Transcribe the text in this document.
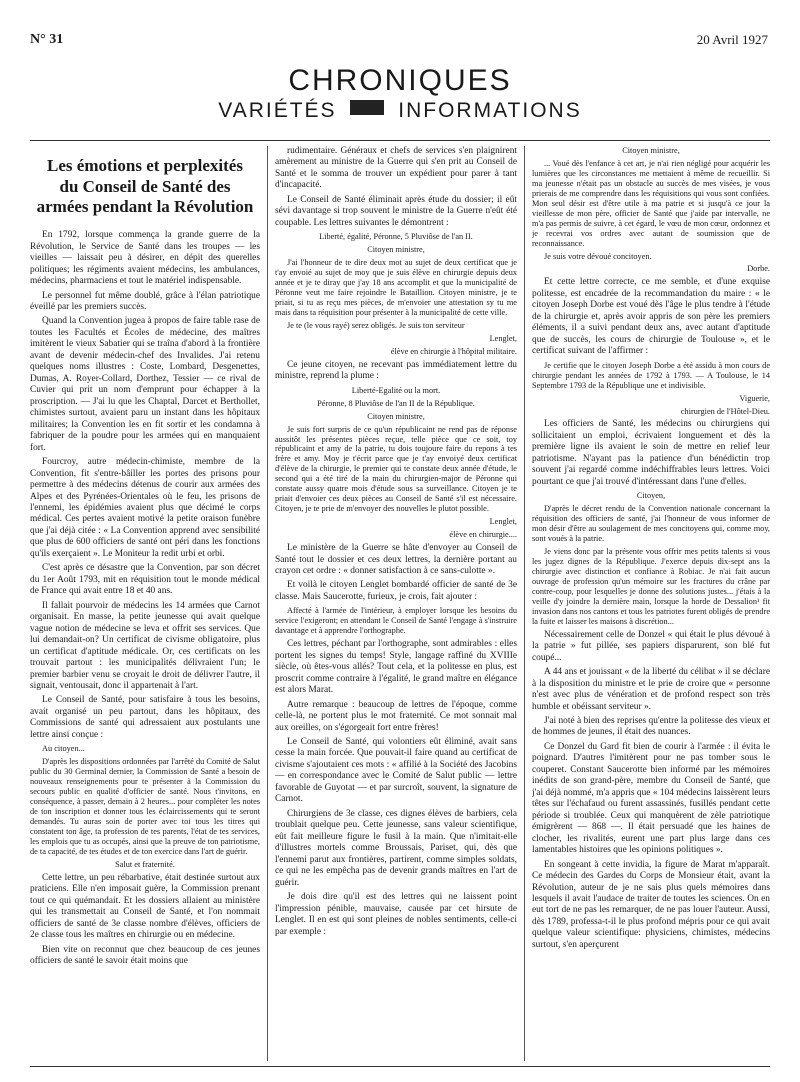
N° 31	20 Avril 1927
CHRONIQUES
VARIÉTÉS	INFORMATIONS
Les émotions et perplexités du Conseil de Santé des armées pendant la Révolution

En 1792, lorsque commença la grande guerre de la Révolution, le Service de Santé dans les troupes — les vieilles — laissait peu à désirer, en dépit des querelles politiques; les régiments avaient médecins, les ambulances, médecins, pharmaciens et tout le matériel indispensable.

Le personnel fut même doublé, grâce à l'élan patriotique éveillé par les premiers succès.

Quand la Convention jugea à propos de faire table rase de toutes les Facultés et Écoles de médecine, des maîtres imitèrent le vieux Sabatier qui se traîna d'abord à la frontière avant de devenir médecin-chef des Invalides. J'ai retenu quelques noms illustres : Coste, Lombard, Desgenettes, Dumas, A. Royer-Collard, Dorthez, Tessier — ce rival de Cuvier qui prit un nom d'emprunt pour échapper à la proscription. — J'ai lu que les Chaptal, Darcet et Berthollet, chimistes surtout, avaient paru un instant dans les hôpitaux militaires; la Convention les en fit sortir et les condamna à fabriquer de la poudre pour les armées qui en manquaient fort.

Fourcroy, autre médecin-chimiste, membre de la Convention, fit s'entre-bâiller les portes des prisons pour permettre à des médecins détenus de courir aux armées des Alpes et des Pyrénées-Orientales où le feu, les prisons de l'ennemi, les épidémies avaient plus que décimé le corps médical. Ces pertes avaient motivé la petite oraison funèbre que j'ai déjà citée : « La Convention apprend avec sensibilité que plus de 600 officiers de santé ont péri dans les fonctions qu'ils exerçaient ». Le Moniteur la redit urbi et orbi.

C'est après ce désastre que la Convention, par son décret du 1er Août 1793, mit en réquisition tout le monde médical de France qui avait entre 18 et 40 ans.

Il fallait pourvoir de médecins les 14 armées que Carnot organisait. En masse, la petite jeunesse qui avait quelque vague notion de médecine se leva et offrit ses services. Que lui demandait-on? Un certificat de civisme obligatoire, plus un certificat d'aptitude médicale. Or, ces certificats on les trouvait partout : les municipalités délivraient l'un; le premier barbier venu se croyait le droit de délivrer l'autre, il signait, ventousait, donc il appartenait à l'art.

Le Conseil de Santé, pour satisfaire à tous les besoins, avait organisé un peu partout, dans les hôpitaux, des Commissions de santé qui adressaient aux postulants une lettre ainsi conçue :

Au citoyen...

D'après les dispositions ordonnées par l'arrêté du Comité de Salut public du 30 Germinal dernier, la Commission de Santé a besoin de nouveaux renseignements pour te présenter à la Commission du secours public en qualité d'officier de santé. Nous t'invitons, en conséquence, à passer, demain à 2 heures... pour compléter les notes de ton inscription et donner tous les éclaircissements qui te seront demandés. Tu auras soin de porter avec toi tous les titres qui constatent ton âge, ta profession de tes parents, l'état de tes services, les emplois que tu as occupés, ainsi que la preuve de ton patriotisme, de ta capacité, de tes études et de ton exercice dans l'art de guérir.

Salut et fraternité.

Cette lettre, un peu rébarbative, était destinée surtout aux praticiens. Elle n'en imposait guère, la Commission prenant tout ce qui quémandait. Et les dossiers allaient au ministère qui les transmettait au Conseil de Santé, et l'on nommait officiers de santé de 3e classe nombre d'élèves, officiers de 2e classe tous les maîtres en chirurgie ou en médecine.

Bien vite on reconnut que chez beaucoup de ces jeunes officiers de santé le savoir était moins que

rudimentaire. Généraux et chefs de services s'en plaignirent amèrement au ministre de la Guerre qui s'en prit au Conseil de Santé et le somma de trouver un expédient pour parer à tant d'incapacité.

Le Conseil de Santé éliminait après étude du dossier; il eût sévi davantage si trop souvent le ministre de la Guerre n'eût été coupable. Les lettres suivantes le démontrent :

Liberté, égalité, Péronne, 5 Pluviôse de l'an II.

Citoyen ministre,

J'ai l'honneur de te dire deux mot au sujet de deux certificat que je t'ay envoié au sujet de moy que je suis élève en chirurgie depuis deux année et je te diray que j'ay 18 ans accomplit et que la municipalité de Péronne veut me faire rejoindre le Bataillion. Citoyen ministre, je te priait, si tu as reçu mes pièces, de m'envoier une attestation sy tu me mais dans ta réquisition pour présenter à la municipalité de cette ville.

Je te (le vous rayé) serez obligés. Je suis ton serviteur

Lenglet,

élève en chirurgie à l'hôpital militaire.

Ce jeune citoyen, ne recevant pas immédiatement lettre du ministre, reprend la plume :

Liberté-Egalité ou la mort.

Péronne, 8 Pluviôse de l'an II de la République.

Citoyen ministre,

Je suis fort surpris de ce qu'un républicaint ne rend pas de réponse aussitôt les présentes pièces reçue, telle pièce que ce soit, toy républicaint et amy de la patrie, tu dois toujoure faire du repons à tes frère et amy. Moy je t'écrit parce que je t'ay envoiyé deux certificat d'élève de la chirurgie, le premier qui te constate deux année d'étude, le second qui a été tiré de la main du chirurgien-major de Péronne qui constate aussy quatre mois d'étude sous sa surveillance. Citoyen je te priait d'envoier ces deux pièces au Conseil de Santé s'il est nécessaire. Citoyen, je te prie de m'envoyer des nouvelles le plutot possible.

Lenglet,

élève en chirurgie....

Le ministère de la Guerre se hâte d'envoyer au Conseil de Santé tout le dossier et ces deux lettres, la dernière portant au crayon cet ordre : « donner satisfaction à ce sans-culotte ».

Et voilà le citoyen Lenglet bombardé officier de santé de 3e classe. Mais Saucerotte, furieux, je crois, fait ajouter :

Affecté à l'armée de l'intérieur, à employer lorsque les besoins du service l'exigeront; en attendant le Conseil de Santé l'engage à s'instruire davantage et à apprendre l'orthographe.

Ces lettres, péchant par l'orthographe, sont admirables : elles portent les signes du temps! Style, langage raffiné du XVIIIe siècle, où êtes-vous allés? Tout cela, et la politesse en plus, est proscrit comme contraire à l'égalité, le grand maître en élégance est alors Marat.

Autre remarque : beaucoup de lettres de l'époque, comme celle-là, ne portent plus le mot fraternité. Ce mot sonnait mal aux oreilles, on s'égorgeait fort entre frères!

Le Conseil de Santé, qui volontiers eût éliminé, avait sans cesse la main forcée. Que pouvait-il faire quand au certificat de civisme s'ajoutaient ces mots : « affilié à la Société des Jacobins — en correspondance avec le Comité de Salut public — lettre favorable de Guyotat — et par surcroît, souvent, la signature de Carnot.

Chirurgiens de 3e classe, ces dignes élèves de barbiers, cela troublait quelque peu. Cette jeunesse, sans valeur scientifique, eût fait meilleure figure le fusil à la main. Que n'imitait-elle d'illustres mortels comme Broussais, Pariset, qui, dès que l'ennemi parut aux frontières, partirent, comme simples soldats, ce qui ne les empêcha pas de devenir grands maîtres en l'art de guérir.

Je dois dire qu'il est des lettres qui ne laissent point l'impression pénible, mauvaise, causée par cet hirsute de Lenglet. Il en est qui sont pleines de nobles sentiments, celle-ci par exemple :

Citoyen ministre,

... Voué dès l'enfance à cet art, je n'ai rien négligé pour acquérir les lumières que les circonstances me mettaient à même de recueillir. Si ma jeunesse n'était pas un obstacle au succès de mes visées, je vous prierais de me comprendre dans les réquisitions qui vous sont confiées. Mon seul désir est d'être utile à ma patrie et si jusqu'à ce jour la vieillesse de mon père, officier de Santé que j'aide par intervalle, ne m'a pas permis de suivre, à cet égard, le vœu de mon cœur, ordonnez et je recevrai vos ordres avec autant de soumission que de reconnaissance.

Je suis votre dévoué concitoyen.

Dorbe.

Et cette lettre correcte, ce me semble, et d'une exquise politesse, est encadrée de la recommandation du maire : « le citoyen Joseph Dorbe est voué dès l'âge le plus tendre à l'étude de la chirurgie et, après avoir appris de son père les premiers éléments, il a suivi pendant deux ans, avec autant d'aptitude que de succès, les cours de chirurgie de Toulouse », et le certificat suivant de l'affirmer :

Je certifie que le citoyen Joseph Dorbe a été assidu à mon cours de chirurgie pendant les années de 1792 à 1793. — A Toulouse, le 14 Septembre 1793 de la République une et indivisible.

Viguerie,

chirurgien de l'Hôtel-Dieu.

Les officiers de Santé, les médecins ou chirurgiens qui sollicitaient un emploi, écrivaient longuement et dès la première ligne ils avaient le soin de mettre en relief leur patriotisme. N'ayant pas la patience d'un bénédictin trop souvent j'ai regardé comme indéchiffrables leurs lettres. Voici pourtant ce que j'ai trouvé d'intéressant dans l'une d'elles.

Citoyen,

D'après le décret rendu de la Convention nationale concernant la réquisition des officiers de santé, j'ai l'honneur de vous informer de mon désir d'être au soulagement de mes concitoyens qui, comme moy, sont voués à la patrie.

Je viens donc par la présente vous offrir mes petits talents si vous les jugez dignes de la République. J'exerce depuis dix-sept ans la chirurgie avec distinction et confiance à Robiac. Je n'ai fait aucun ouvrage de profession qu'un mémoire sur les fractures du crâne par contre-coup, pour lesquelles je donne des solutions justes... j'étais à la veille d'y joindre la dernière main, lorsque la horde de Dessalion¹ fit invasion dans nos cantons et tous les patriotes furent obligés de prendre la fuite et laisser les maisons à discrétion...

Nécessairement celle de Donzel « qui était le plus dévoué à la patrie » fut pillée, ses papiers disparurent, son blé fut coupé...

A 44 ans et jouissant « de la liberté du célibat » il se déclare à la disposition du ministre et le prie de croire que « personne n'est avec plus de vénération et de profond respect son très humble et obéissant serviteur ».

J'ai noté à bien des reprises qu'entre la politesse des vieux et de hommes de jeunes, il était des nuances.

Ce Donzel du Gard fit bien de courir à l'armée : il évita le poignard. D'autres l'imitèrent pour ne pas tomber sous le couperet. Constant Saucerotte bien informé par les mémoires inédits de son grand-père, membre du Conseil de Santé, que j'ai déjà nommé, m'a appris que « 104 médecins laissèrent leurs têtes sur l'échafaud ou furent assassinés, fusillés pendant cette période si troublée. Ceux qui manquèrent de zèle patriotique émigrèrent — 868 —. Il était persuadé que les haines de clocher, les rivalités, eurent une part plus large dans ces lamentables histoires que les opinions politiques ».

En songeant à cette invidia, la figure de Marat m'apparaît. Ce médecin des Gardes du Corps de Monsieur était, avant la Révolution, auteur de je ne sais plus quels mémoires dans lesquels il avait l'audace de traiter de toutes les sciences. On en eut tort de ne pas les remarquer, de ne pas louer l'auteur. Aussi, dès 1789, professa-t-il le plus profond mépris pour ce qui avait quelque valeur scientifique: physiciens, chimistes, médecins surtout, s'en aperçurent
